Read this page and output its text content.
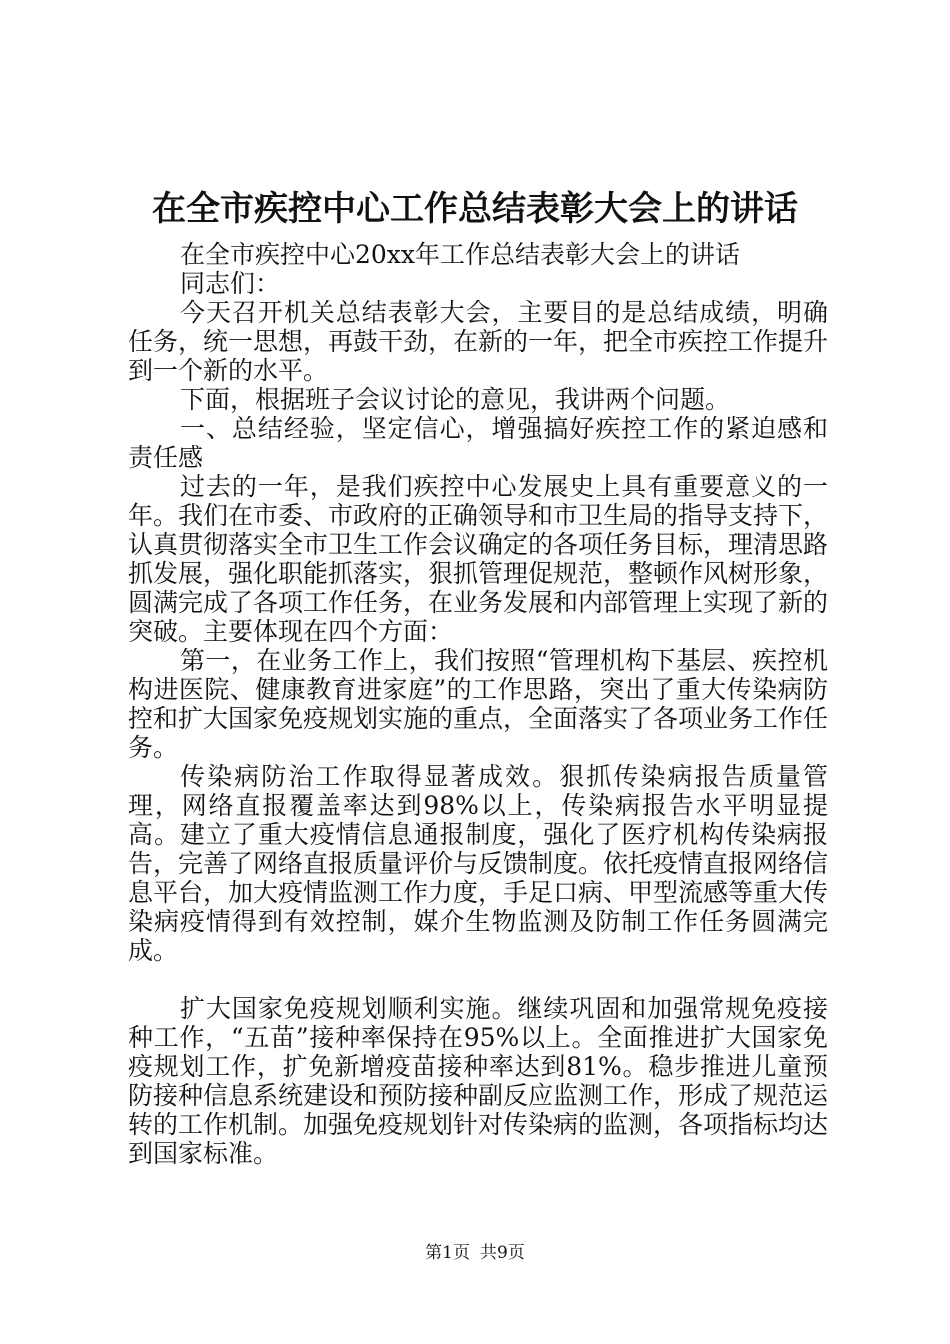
在全市疾控中心工作总结表彰大会上的讲话

在全市疾控中心20xx年工作总结表彰大会上的讲话

同志们：

今天召开机关总结表彰大会，主要目的是总结成绩，明确任务，统一思想，再鼓干劲，在新的一年，把全市疾控工作提升到一个新的水平。

下面，根据班子会议讨论的意见，我讲两个问题。

一、总结经验，坚定信心，增强搞好疾控工作的紧迫感和责任感

过去的一年，是我们疾控中心发展史上具有重要意义的一年。我们在市委、市政府的正确领导和市卫生局的指导支持下，认真贯彻落实全市卫生工作会议确定的各项任务目标，理清思路抓发展，强化职能抓落实，狠抓管理促规范，整顿作风树形象，圆满完成了各项工作任务，在业务发展和内部管理上实现了新的突破。主要体现在四个方面：

第一，在业务工作上，我们按照“管理机构下基层、疾控机构进医院、健康教育进家庭”的工作思路，突出了重大传染病防控和扩大国家免疫规划实施的重点，全面落实了各项业务工作任务。

传染病防治工作取得显著成效。狠抓传染病报告质量管理，网络直报覆盖率达到98%以上，传染病报告水平明显提高。建立了重大疫情信息通报制度，强化了医疗机构传染病报告，完善了网络直报质量评价与反馈制度。依托疫情直报网络信息平台，加大疫情监测工作力度，手足口病、甲型流感等重大传染病疫情得到有效控制，媒介生物监测及防制工作任务圆满完成。

扩大国家免疫规划顺利实施。继续巩固和加强常规免疫接种工作，“五苗”接种率保持在95%以上。全面推进扩大国家免疫规划工作，扩免新增疫苗接种率达到81%。稳步推进儿童预防接种信息系统建设和预防接种副反应监测工作，形成了规范运转的工作机制。加强免疫规划针对传染病的监测，各项指标均达到国家标准。

第1页 共9页
